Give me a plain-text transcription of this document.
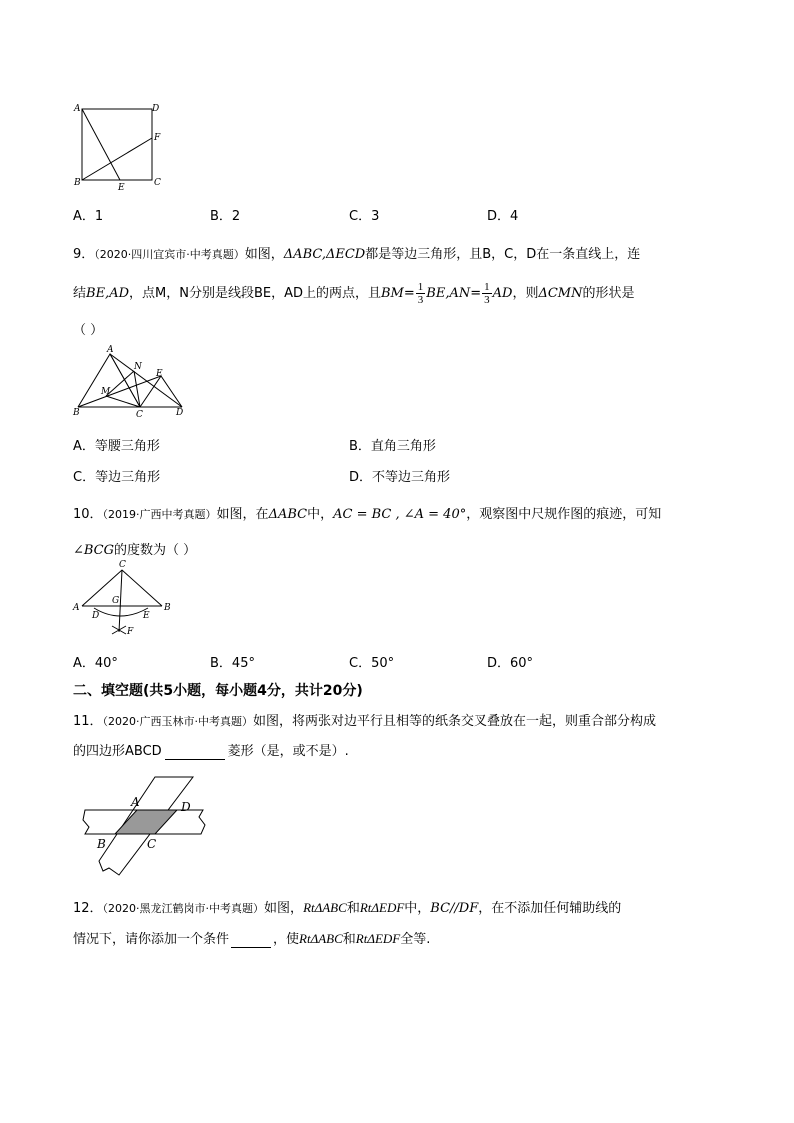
A	D
F
B	E	C
A．1	B．2	C．3	D．4
9．（2020·四川宜宾市·中考真题）如图，ΔABC,ΔECD都是等边三角形，且B，C，D在一条直线上，连
结BE,AD，点M，N分别是线段BE，AD上的两点，且$BM= \frac{1}{3} BE,AN= \frac{1}{3}$ AD，则ΔCMN的形状是
（ ）
A
N
E
M
B	C	D
A．等腰三角形	B．直角三角形
C．等边三角形	D．不等边三角形
10．（2019·广西中考真题）如图，在ΔABC中，AC = BC , ∠A = 40°，观察图中尺规作图的痕迹，可知
∠BCG的度数为（ ）
C
A
G
B
D	E
F
A．40°	B．45°	C．50°	D．60°
二、填空题(共5小题，每小题4分，共计20分)
11．（2020·广西玉林市·中考真题）如图，将两张对边平行且相等的纸条交叉叠放在一起，则重合部分构成
的四边形ABCD	菱形（是，或不是）.
A	D
B	C
12．（2020·黑龙江鹤岗市·中考真题）如图，RtΔABC和RtΔEDF中，BC//DF，在不添加任何辅助线的
情况下，请你添加一个条件	，使RtΔABC和RtΔEDF全等.
